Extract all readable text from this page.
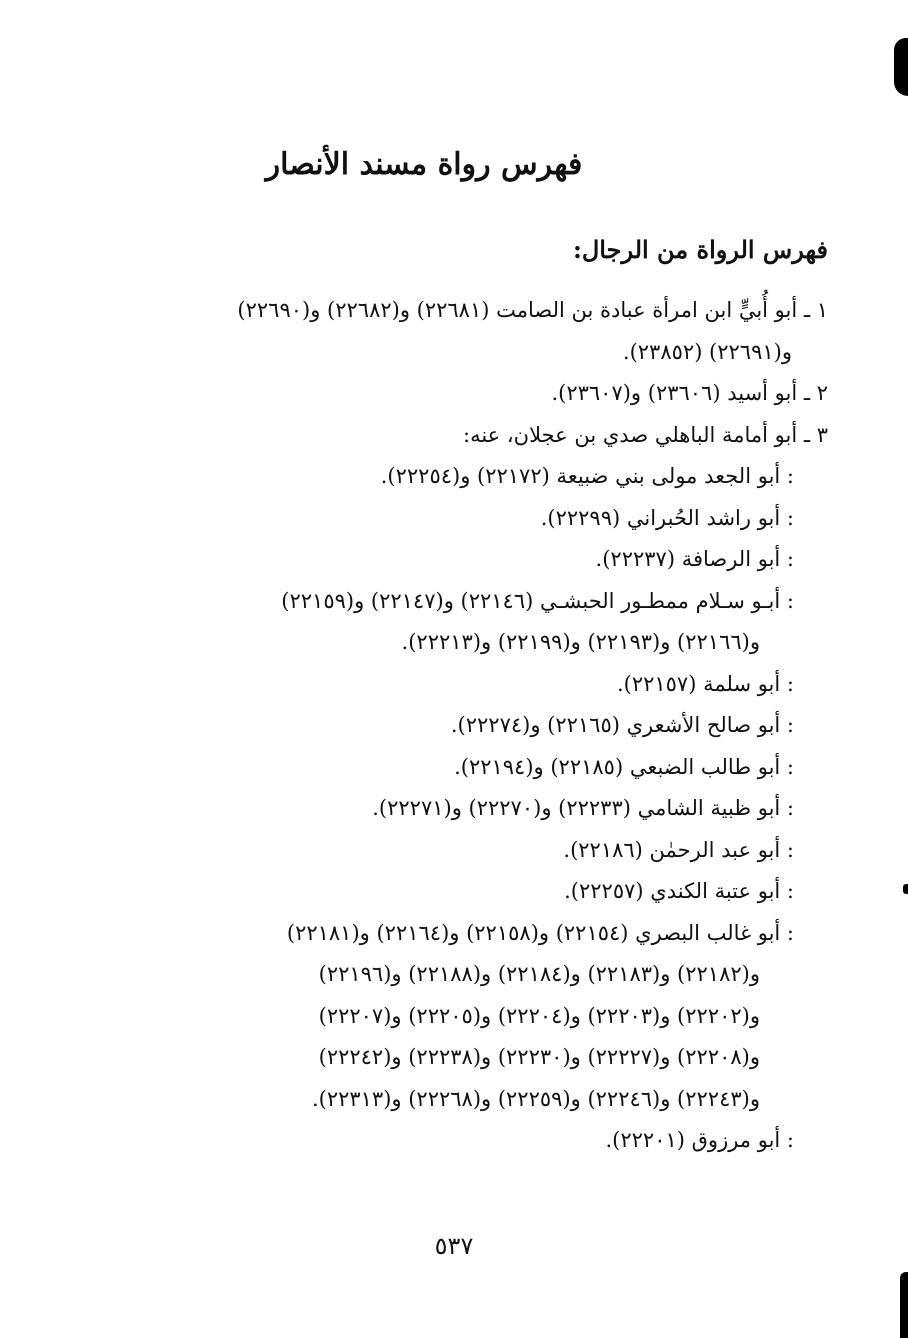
فهرس رواة مسند الأنصار
فهرس الرواة من الرجال:
١ ـ أبو أُبيٍّ ابن امرأة عبادة بن الصامت (٢٢٦٨١) و(٢٢٦٨٢) و(٢٢٦٩٠)
و(٢٢٦٩١) (٢٣٨٥٢).
٢ ـ أبو أسيد (٢٣٦٠٦) و(٢٣٦٠٧).
٣ ـ أبو أمامة الباهلي صدي بن عجلان، عنه:
: أبو الجعد مولى بني ضبيعة (٢٢١٧٢) و(٢٢٢٥٤).
: أبو راشد الحُبراني (٢٢٢٩٩).
: أبو الرصافة (٢٢٢٣٧).
: أبـو سـلام ممطـور الحبشـي (٢٢١٤٦) و(٢٢١٤٧) و(٢٢١٥٩)
و(٢٢١٦٦) و(٢٢١٩٣) و(٢٢١٩٩) و(٢٢٢١٣).
: أبو سلمة (٢٢١٥٧).
: أبو صالح الأشعري (٢٢١٦٥) و(٢٢٢٧٤).
: أبو طالب الضبعي (٢٢١٨٥) و(٢٢١٩٤).
: أبو ظبية الشامي (٢٢٢٣٣) و(٢٢٢٧٠) و(٢٢٢٧١).
: أبو عبد الرحمٰن (٢٢١٨٦).
: أبو عتبة الكندي (٢٢٢٥٧).
: أبو غالب البصري (٢٢١٥٤) و(٢٢١٥٨) و(٢٢١٦٤) و(٢٢١٨١)
و(٢٢١٨٢) و(٢٢١٨٣) و(٢٢١٨٤) و(٢٢١٨٨) و(٢٢١٩٦)
و(٢٢٢٠٢) و(٢٢٢٠٣) و(٢٢٢٠٤) و(٢٢٢٠٥) و(٢٢٢٠٧)
و(٢٢٢٠٨) و(٢٢٢٢٧) و(٢٢٢٣٠) و(٢٢٢٣٨) و(٢٢٢٤٢)
و(٢٢٢٤٣) و(٢٢٢٤٦) و(٢٢٢٥٩) و(٢٢٢٦٨) و(٢٢٣١٣).
: أبو مرزوق (٢٢٢٠١).
٥٣٧
